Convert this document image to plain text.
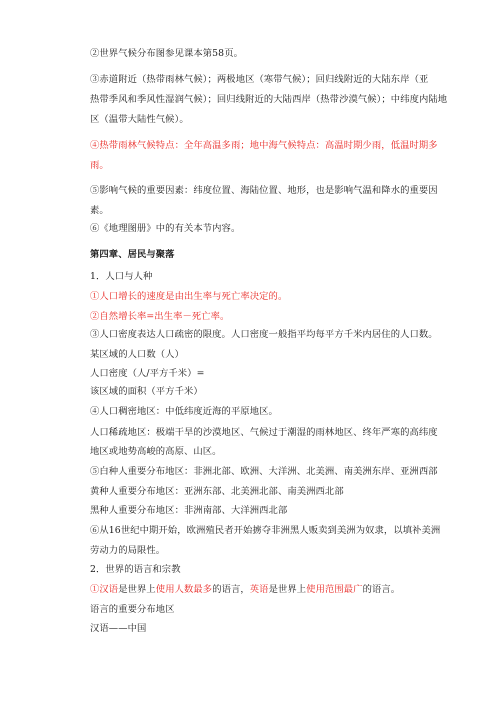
②世界气候分布图参见课本第58页。
③赤道附近（热带雨林气候）；两极地区（寒带气候）；回归线附近的大陆东岸（亚
热带季风和季风性湿润气候）；回归线附近的大陆西岸（热带沙漠气候）；中纬度内陆地
区（温带大陆性气候）。
④热带雨林气候特点：全年高温多雨；地中海气候特点：高温时期少雨，低温时期多
雨。
⑤影响气候的重要因素：纬度位置、海陆位置、地形，也是影响气温和降水的重要因
素。
⑥《地理图册》中的有关本节内容。
第四章、居民与聚落
1．人口与人种
①人口增长的速度是由出生率与死亡率决定的。
②自然增长率=出生率－死亡率。
③人口密度表达人口疏密的限度。人口密度一般指平均每平方千米内居住的人口数。
某区域的人口数（人）
人口密度（人/平方千米）=
该区域的面积（平方千米）
④人口稠密地区：中低纬度近海的平原地区。
人口稀疏地区：极端干旱的沙漠地区、气候过于潮湿的雨林地区、终年严寒的高纬度
地区或地势高峻的高原、山区。
⑤白种人重要分布地区：非洲北部、欧洲、大洋洲、北美洲、南美洲东岸、亚洲西部
黄种人重要分布地区：亚洲东部、北美洲北部、南美洲西北部
黑种人重要分布地区：非洲南部、大洋洲西北部
⑥从16世纪中期开始，欧洲殖民者开始掳夺非洲黑人贩卖到美洲为奴隶，以填补美洲
劳动力的局限性。
2．世界的语言和宗教
①汉语是世界上使用人数最多的语言，英语是世界上使用范围最广的语言。
语言的重要分布地区
汉语——中国
